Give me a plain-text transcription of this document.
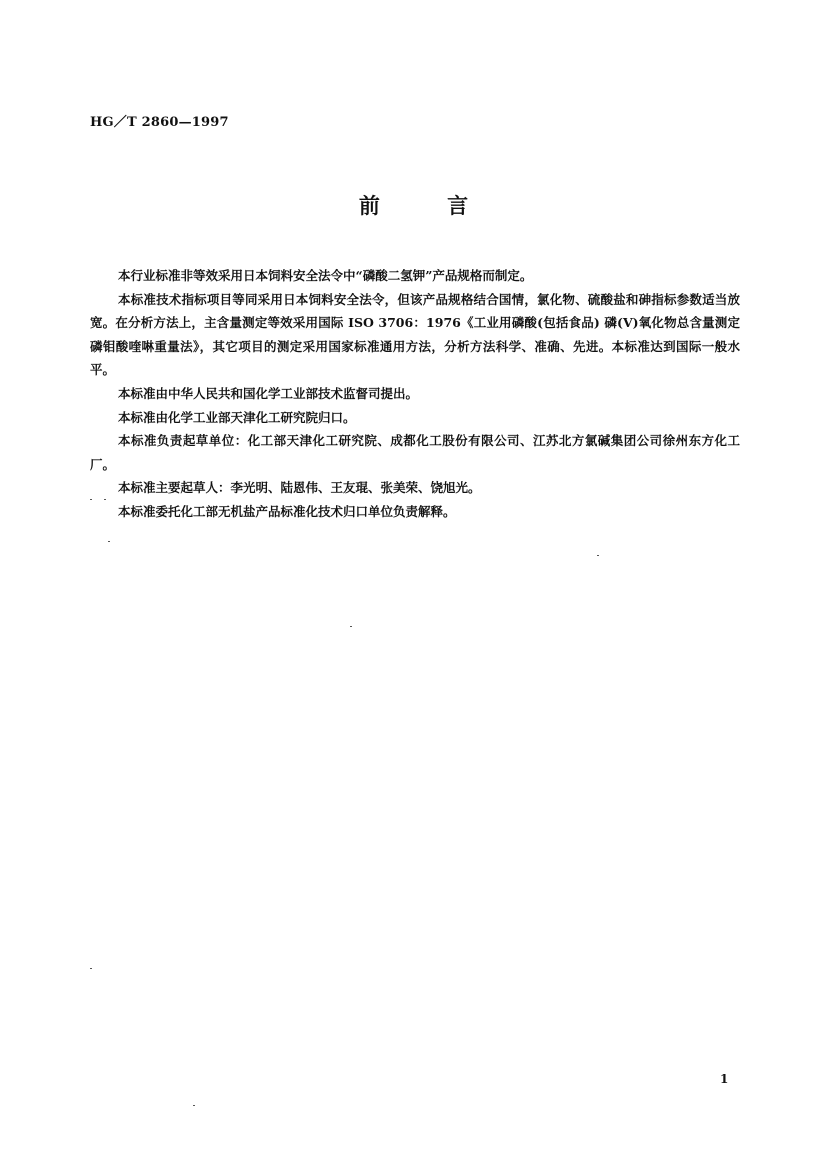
HG／T 2860—1997
前 言

本行业标准非等效采用日本饲料安全法令中“磷酸二氢钾”产品规格而制定。

本标准技术指标项目等同采用日本饲料安全法令，但该产品规格结合国情，氯化物、硫酸盐和砷指标参数适当放宽。在分析方法上，主含量测定等效采用国际 ISO 3706：1976《工业用磷酸(包括食品) 磷(V)氧化物总含量测定 磷钼酸喹啉重量法》，其它项目的测定采用国家标准通用方法，分析方法科学、准确、先进。本标准达到国际一般水平。

本标准由中华人民共和国化学工业部技术监督司提出。

本标准由化学工业部天津化工研究院归口。

本标准负责起草单位：化工部天津化工研究院、成都化工股份有限公司、江苏北方氯碱集团公司徐州东方化工厂。

本标准主要起草人：李光明、陆恩伟、王友琨、张美荣、饶旭光。

本标准委托化工部无机盐产品标准化技术归口单位负责解释。

1
